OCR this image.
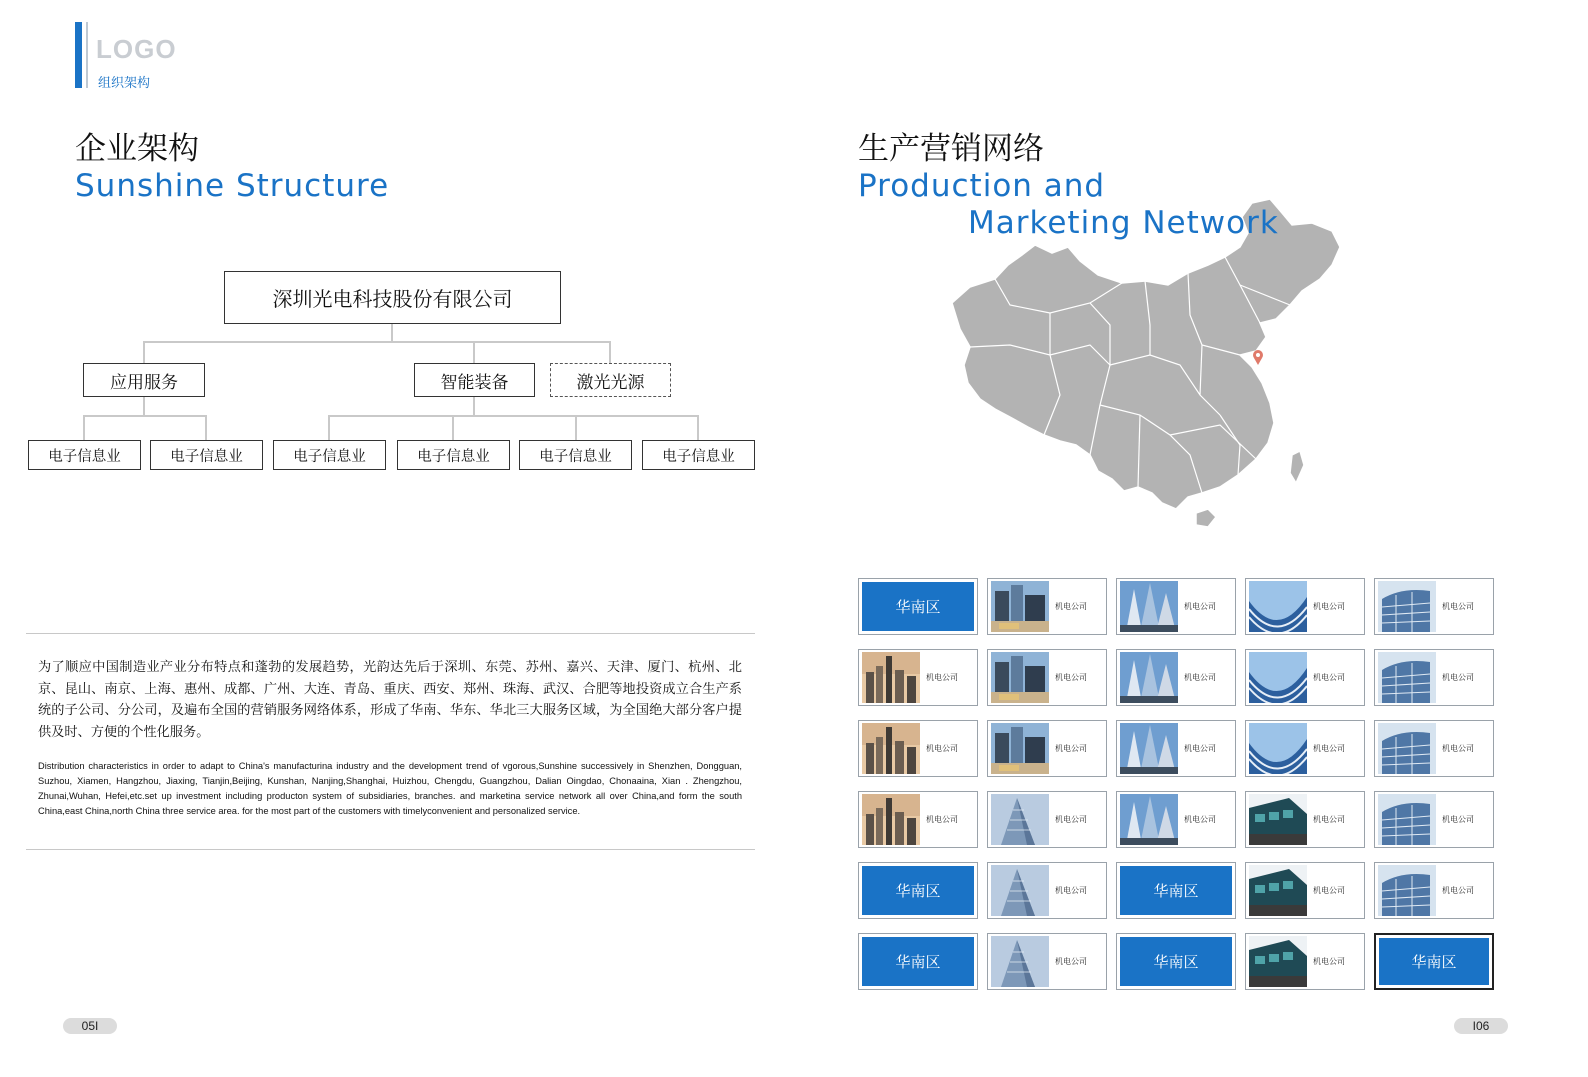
LOGO
组织架构
企业架构
Sunshine Structure
深圳光电科技股份有限公司
应用服务	智能装备	激光光源
电子信息业	电子信息业	电子信息业	电子信息业	电子信息业	电子信息业
为了顺应中国制造业产业分布特点和蓬勃的发展趋势，光韵达先后于深圳、东莞、苏州、嘉兴、天津、厦门、杭州、北京、昆山、南京、上海、惠州、成都、广州、大连、青岛、重庆、西安、郑州、珠海、武汉、合肥等地投资成立合生产系统的子公司、分公司，及遍布全国的营销服务网络体系，形成了华南、华东、华北三大服务区域，为全国绝大部分客户提供及时、方便的个性化服务。
Distribution characteristics in order to adapt to China's manufacturina industry and the development trend of vgorous,Sunshine successively in Shenzhen, Dongguan, Suzhou, Xiamen, Hangzhou, Jiaxing, Tianjin,Beijing, Kunshan, Nanjing,Shanghai, Huizhou, Chengdu, Guangzhou, Dalian Oingdao, Chonaaina, Xian . Zhengzhou, Zhunai,Wuhan, Hefei,etc.set up investment including producton system of subsidiaries, branches. and marketina service network all over China,and form the south China,east China,north China three service area. for the most part of the customers with timelyconvenient and personalized service.
05I
生产营销网络
Production and
Marketing Network
华南区	机电公司	机电公司	机电公司	机电公司
机电公司	机电公司	机电公司	机电公司	机电公司
机电公司	机电公司	机电公司	机电公司	机电公司
机电公司	机电公司	机电公司	机电公司	机电公司
华南区	机电公司	华南区	机电公司	机电公司
华南区	机电公司	华南区	机电公司	华南区
I06
